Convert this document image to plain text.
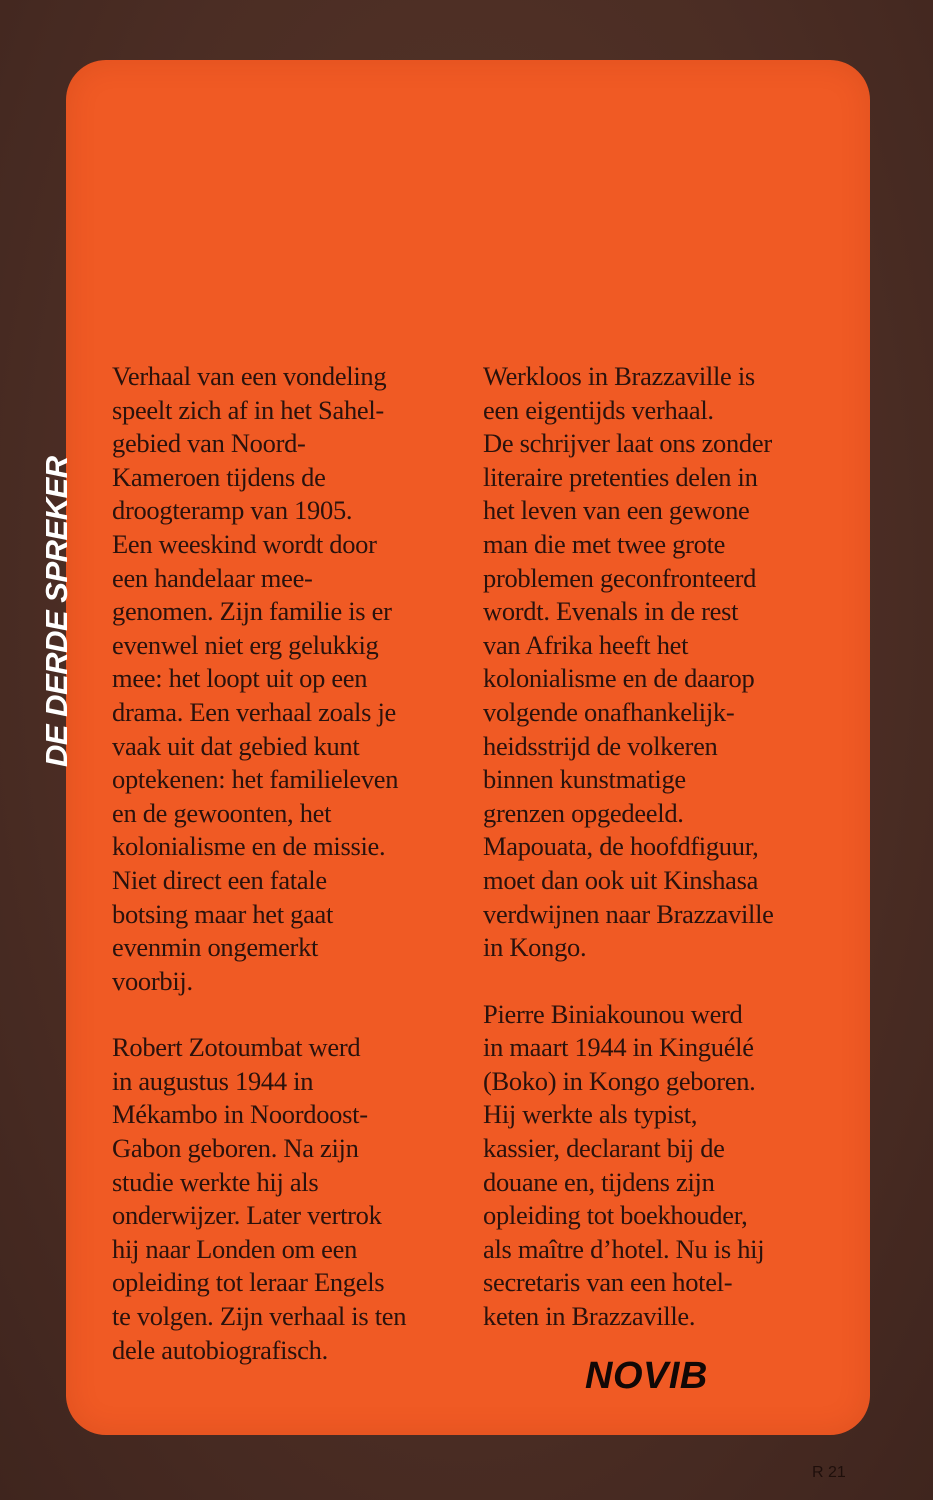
DE DERDE SPREKER

Verhaal van een vondeling
speelt zich af in het Sahel-
gebied van Noord-
Kameroen tijdens de
droogteramp van 1905.
Een weeskind wordt door
een handelaar mee-
genomen. Zijn familie is er
evenwel niet erg gelukkig
mee: het loopt uit op een
drama. Een verhaal zoals je
vaak uit dat gebied kunt
optekenen: het familieleven
en de gewoonten, het
kolonialisme en de missie.
Niet direct een fatale
botsing maar het gaat
evenmin ongemerkt
voorbij.

Robert Zotoumbat werd
in augustus 1944 in
Mékambo in Noordoost-
Gabon geboren. Na zijn
studie werkte hij als
onderwijzer. Later vertrok
hij naar Londen om een
opleiding tot leraar Engels
te volgen. Zijn verhaal is ten
dele autobiografisch.

Werkloos in Brazzaville is
een eigentijds verhaal.
De schrijver laat ons zonder
literaire pretenties delen in
het leven van een gewone
man die met twee grote
problemen geconfronteerd
wordt. Evenals in de rest
van Afrika heeft het
kolonialisme en de daarop
volgende onafhankelijk-
heidsstrijd de volkeren
binnen kunstmatige
grenzen opgedeeld.
Mapouata, de hoofdfiguur,
moet dan ook uit Kinshasa
verdwijnen naar Brazzaville
in Kongo.

Pierre Biniakounou werd
in maart 1944 in Kinguélé
(Boko) in Kongo geboren.
Hij werkte als typist,
kassier, declarant bij de
douane en, tijdens zijn
opleiding tot boekhouder,
als maître d’hotel. Nu is hij
secretaris van een hotel-
keten in Brazzaville.

NOVIB
R 21
